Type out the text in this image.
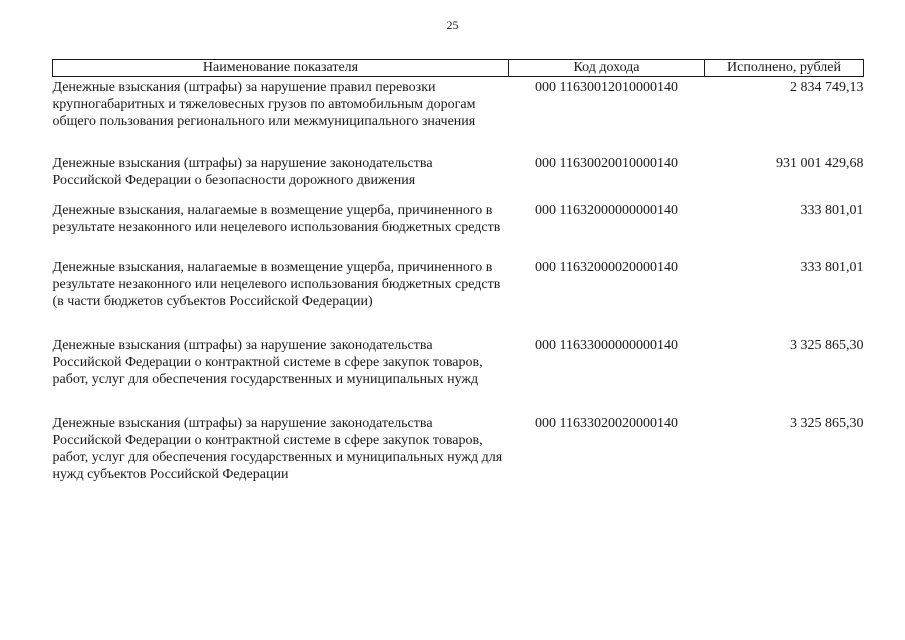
25
Наименование показателя	Код дохода	Исполнено, рублей
Денежные взыскания (штрафы) за нарушение правил перевозки крупногабаритных и тяжеловесных грузов по автомобильным дорогам общего пользования регионального или межмуниципального значения	000 11630012010000140	2 834 749,13
Денежные взыскания (штрафы) за нарушение законодательства Российской Федерации о безопасности дорожного движения	000 11630020010000140	931 001 429,68
Денежные взыскания, налагаемые в возмещение ущерба, причиненного в результате незаконного или нецелевого использования бюджетных средств	000 11632000000000140	333 801,01
Денежные взыскания, налагаемые в возмещение ущерба, причиненного в результате незаконного или нецелевого использования бюджетных средств (в части бюджетов субъектов Российской Федерации)	000 11632000020000140	333 801,01
Денежные взыскания (штрафы) за нарушение законодательства Российской Федерации о контрактной системе в сфере закупок товаров, работ, услуг для обеспечения государственных и муниципальных нужд	000 11633000000000140	3 325 865,30
Денежные взыскания (штрафы) за нарушение законодательства Российской Федерации о контрактной системе в сфере закупок товаров, работ, услуг для обеспечения государственных и муниципальных нужд для нужд субъектов Российской Федерации	000 11633020020000140	3 325 865,30
